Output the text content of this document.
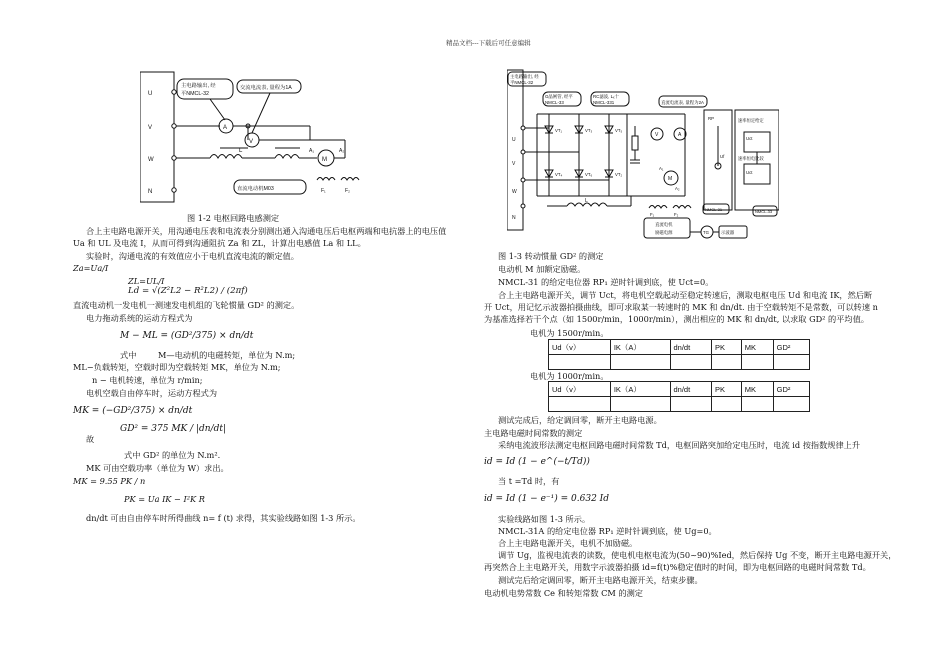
精品文档---下载后可任意编辑
U
V
W
N
主电路输出, 经
平NMCL-32
交流电流表, 量程为1A
A
V
L	A₁	A₂
M
直流电动机M03	F₁	F₂
图 1-2 电枢回路电感测定
合上主电路电源开关，用沟通电压表和电流表分别测出通入沟通电压后电枢两端和电抗器上的电压值
Ua 和 UL 及电流 I，从而可得到沟通阻抗 Za 和 ZL，计算出电感值 La 和 LL。
实验时，沟通电流的有效值应小于电机直流电流的额定值。
Za=Ua/I
ZL=UL/I
Ld = √(Z²L2 − R²L2) / (2πf)
直流电动机一发电机一测速发电机组的飞轮惯量 GD² 的测定。
电力拖动系统的运动方程式为
M − ML = (GD²/375) × dn/dt
式中	M—电动机的电磁转矩，单位为 N.m;
ML−负载转矩，空载时即为空载转矩 MK，单位为 N.m;
n − 电机转速，单位为 r/min;
电机空载自由停车时，运动方程式为
MK = (−GD²/375) × dn/dt
故
GD² = 375 MK / |dn/dt|
式中 GD² 的单位为 N.m².
MK 可由空载功率（单位为 W）求出。
MK = 9.55 PK / n
PK = Ua IK − I²K R
dn/dt 可由自由停车时所得曲线 n= f (t) 求得，其实验线路如图 1-3 所示。
U
V
W
N
主电路输出, 经
平NMCL-32
G晶闸管, 经平
NMCL-33
RC滤波, Lₓ十
NMCL-331	直流电流表, 量程为2A
VT₁	VT₃	VT₅
VT₄	VT₆	VT₂
L
V	A
M
A₁
A₂
F₁	F₂
直流电机
励磁电源
速率恒定给定
Uct
速率恒电比较
Uct
Uf
RP
NMCL-31	NMCL-33
TG	示波器
图 1-3 转动惯量 GD² 的测定
电动机 M 加额定励磁。
NMCL-31 的给定电位器 RP₁ 逆时针调到底，使 Uct=0。
合上主电路电源开关，调节 Uct，将电机空载起动至稳定转速后，测取电枢电压 Ud 和电流 IK，然后断
开 Uct，用记忆示波器拍摄曲线，即可求取某一转速时的 MK 和 dn/dt. 由于空载转矩不是常数，可以转速 n
为基准选择若干个点（如 1500r/min，1000r/min），测出相应的 MK 和 dn/dt, 以求取 GD² 的平均值。
电机为 1500r/min。
Ud（v）	IK（A）	dn/dt	PK	MK	GD²

电机为 1000r/min。
Ud（v）	IK（A）	dn/dt	PK	MK	GD²

测试完成后，给定调回零，断开主电路电源。
主电路电磁时间常数的测定
采纳电流波形法测定电枢回路电磁时间常数 Td，电枢回路突加给定电压时，电流 id 按指数规律上升
id = Id (1 − e^(−t/Td))
当 t =Td 时，有
id = Id (1 − e⁻¹) = 0.632 Id
实验线路如图 1-3 所示。
NMCL-31A 的给定电位器 RP₁ 逆时针调到底，使 Ug=0。
合上主电路电源开关，电机不加励磁。
调节 Ug，监视电流表的读数，使电机电枢电流为(50~90)%Ied，然后保持 Ug 不变，断开主电路电源开关，
再突然合上主电路开关，用数字示波器拍摄 id=f(t)%稳定值时的时间，即为电枢回路的电磁时间常数 Td。
测试完后给定调回零，断开主电路电源开关，结束步骤。
电动机电势常数 Ce 和转矩常数 CM 的测定
